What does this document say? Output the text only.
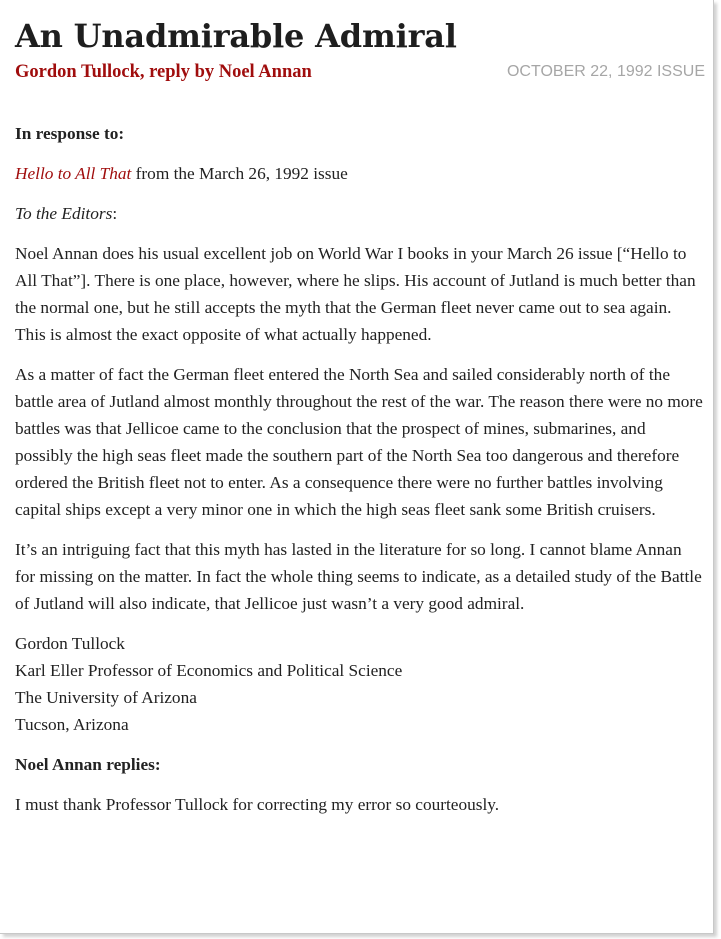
An Unadmirable Admiral
Gordon Tullock, reply by Noel Annan	OCTOBER 22, 1992 ISSUE

In response to:

Hello to All That from the March 26, 1992 issue

To the Editors:

Noel Annan does his usual excellent job on World War I books in your March 26 issue [“Hello to All That”]. There is one place, however, where he slips. His account of Jutland is much better than the normal one, but he still accepts the myth that the German fleet never came out to sea again. This is almost the exact opposite of what actually happened.

As a matter of fact the German fleet entered the North Sea and sailed considerably north of the battle area of Jutland almost monthly throughout the rest of the war. The reason there were no more battles was that Jellicoe came to the conclusion that the prospect of mines, submarines, and possibly the high seas fleet made the southern part of the North Sea too dangerous and therefore ordered the British fleet not to enter. As a consequence there were no further battles involving capital ships except a very minor one in which the high seas fleet sank some British cruisers.

It’s an intriguing fact that this myth has lasted in the literature for so long. I cannot blame Annan for missing on the matter. In fact the whole thing seems to indicate, as a detailed study of the Battle of Jutland will also indicate, that Jellicoe just wasn’t a very good admiral.

Gordon Tullock
Karl Eller Professor of Economics and Political Science
The University of Arizona
Tucson, Arizona

Noel Annan replies:

I must thank Professor Tullock for correcting my error so courteously.
